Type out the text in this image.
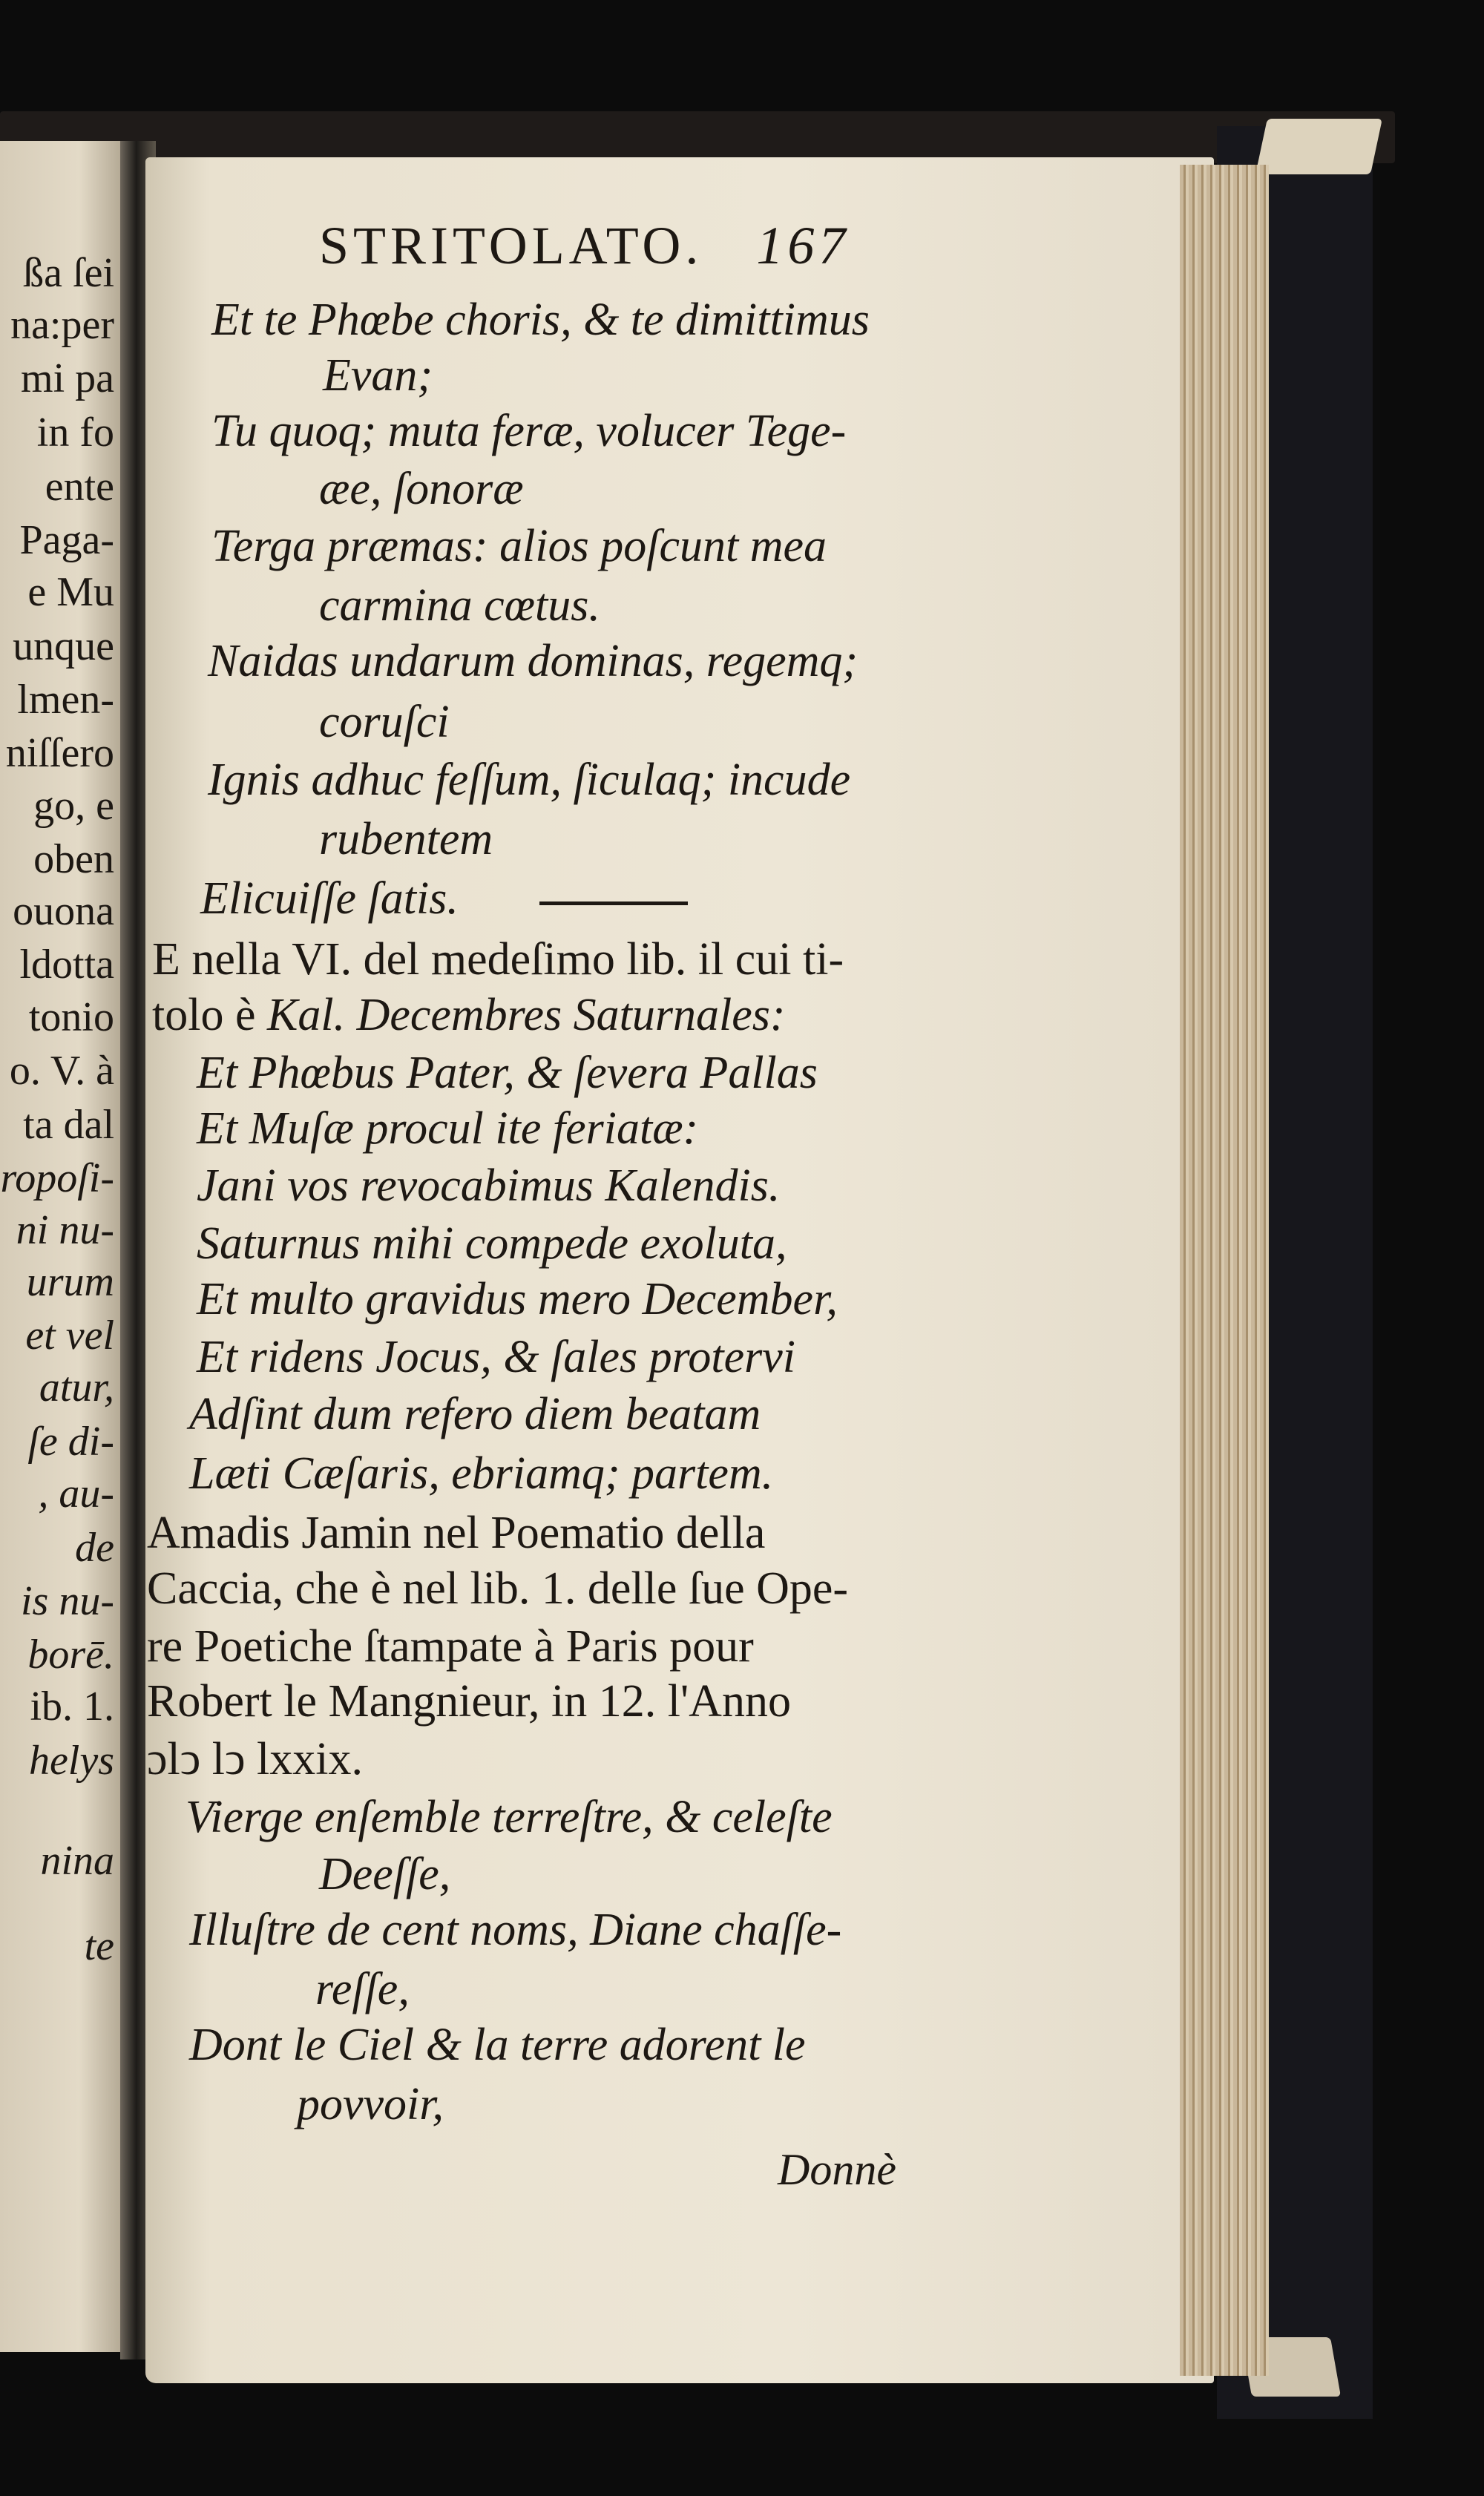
ßa ſei
na:per
mi pa
in fo
ente
Paga-
e Mu
unque
lmen-
niſſero
go, e
oben
ouona
ldotta
tonio
o. V. à
ta dal
ropoſi-
ni nu-
urum
et vel
atur,
ſe di-
, au-
de
is nu-
borē.
ib. 1.
helys
nina
te
STRITOLATO. 167
Et te Phœbe choris, & te dimittimus
Evan;
Tu quoq; muta feræ, volucer Tege-
æe, ſonoræ
Terga præmas: alios poſcunt mea
carmina cœtus.
Naidas undarum dominas, regemq;
coruſci
Ignis adhuc feſſum, ſiculaq; incude
rubentem
Elicuiſſe ſatis.
E nella VI. del medeſimo lib. il cui ti-
tolo è Kal. Decembres Saturnales:
Et Phœbus Pater, & ſevera Pallas
Et Muſæ procul ite feriatæ:
Jani vos revocabimus Kalendis.
Saturnus mihi compede exoluta,
Et multo gravidus mero December,
Et ridens Jocus, & ſales protervi
Adſint dum refero diem beatam
Læti Cæſaris, ebriamq; partem.
Amadis Jamin nel Poematio della
Caccia, che è nel lib. 1. delle ſue Ope-
re Poetiche ſtampate à Paris pour
Robert le Mangnieur, in 12. l'Anno
ɔlↄ lↄ lxxix.
Vierge enſemble terreſtre, & celeſte
Deeſſe,
Illuſtre de cent noms, Diane chaſſe-
reſſe,
Dont le Ciel & la terre adorent le
povvoir,
Donnè
